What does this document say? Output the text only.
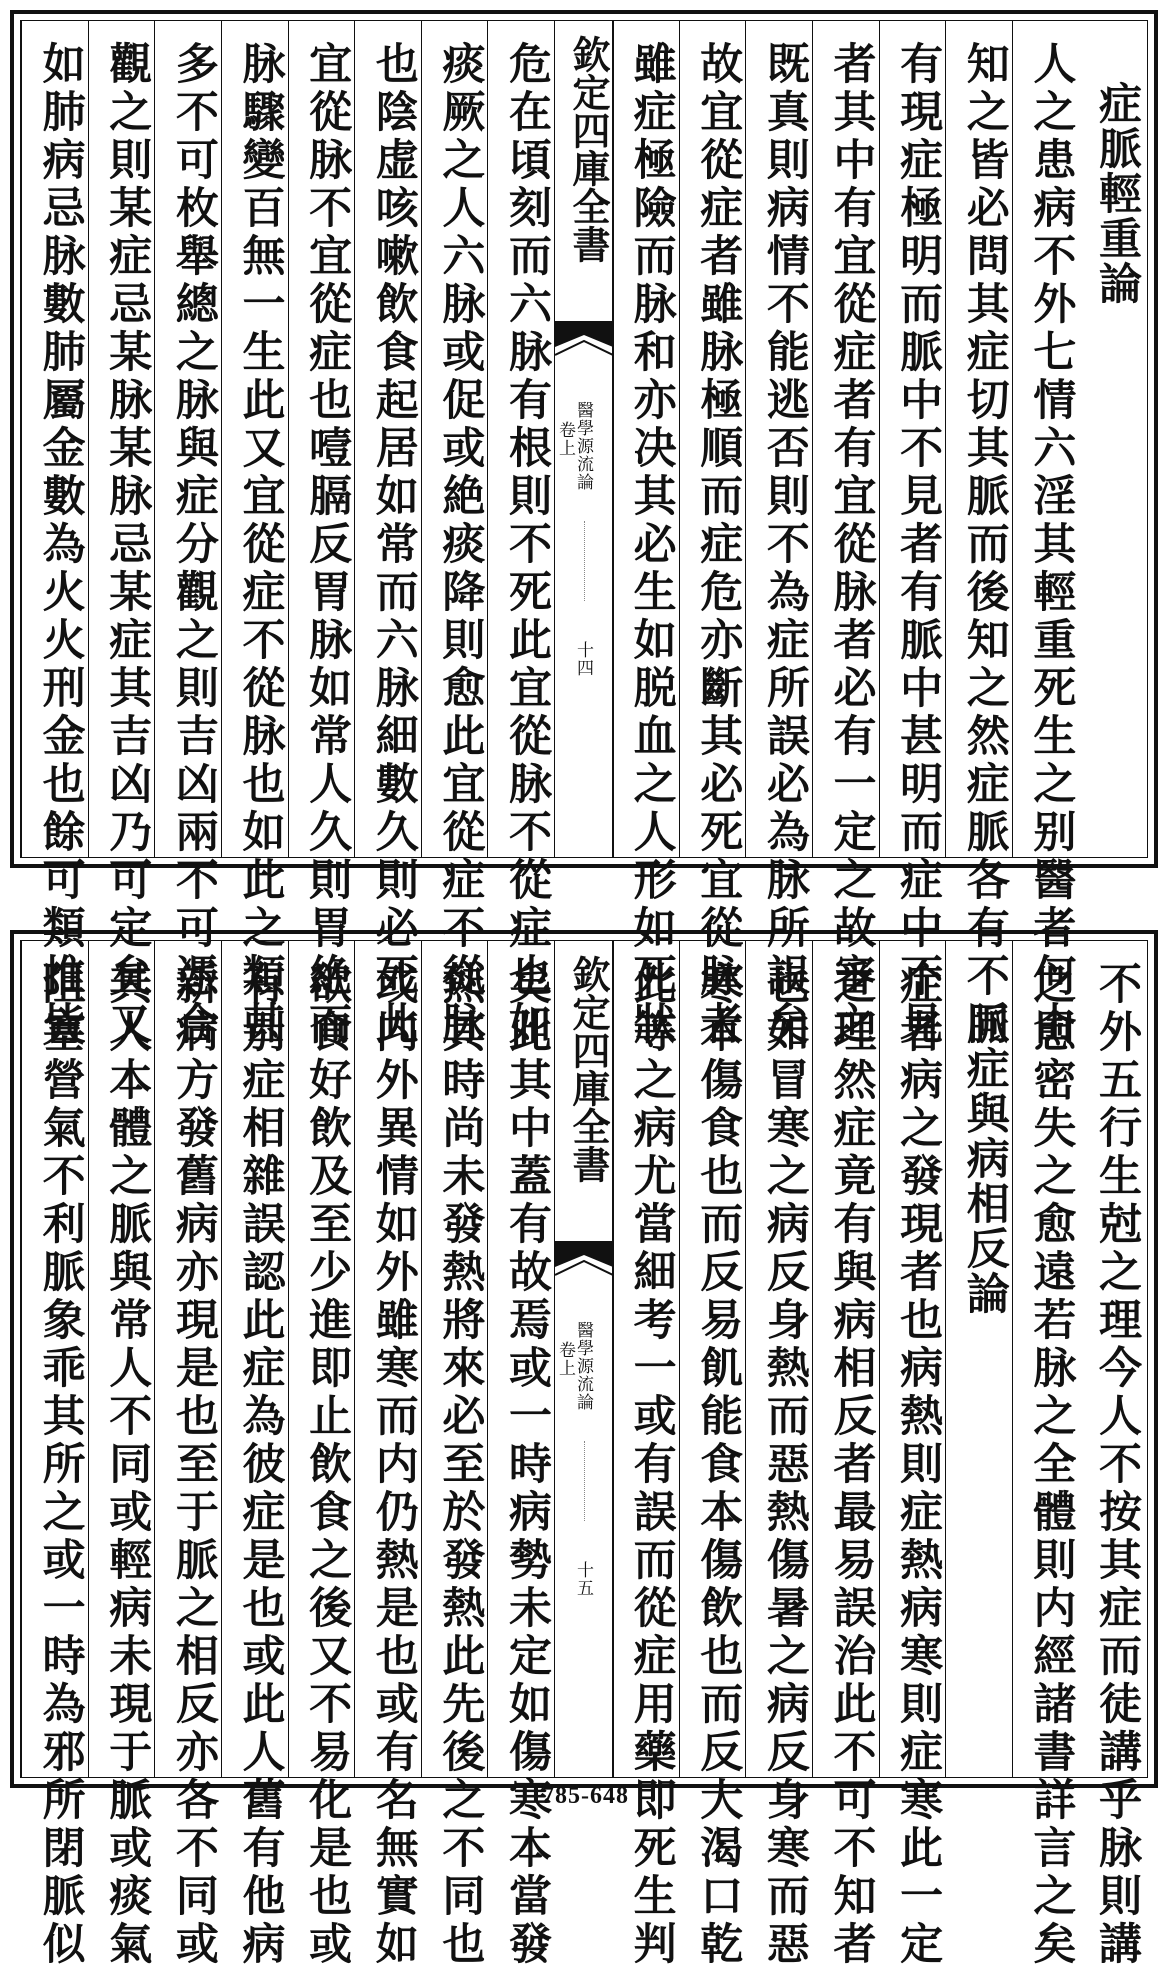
症脈輕重論
人之患病不外七情六淫其輕重死生之别醫者何由
知之皆必問其症切其脈而後知之然症脈各有不同
有現症極明而脈中不見者有脈中甚明而症中不見
者其中有宜從症者有宜從脉者必有一定之故審之
既真則病情不能逃否則不為症所誤必為脉所誤矣
故宜從症者雖脉極順而症危亦斷其必死宜從脉者
雖症極險而脉和亦决其必生如脱血之人形如死狀
欽定四庫全書
醫學源流論
卷上
十四
危在頃刻而六脉有根則不死此宜從脉不從症也如
痰厥之人六脉或促或絶痰降則愈此宜從症不從脉
也陰虚咳嗽飲食起居如常而六脉細數久則必死此
宜從脉不宜從症也噎膈反胃脉如常人久則胃絶而
脉驟變百無一生此又宜從症不從脉也如此之類甚
多不可枚舉總之脉與症分觀之則吉凶兩不可憑合
觀之則某症忌某脉某脉忌某症其吉凶乃可定矣又
如肺病忌脉數肺屬金數為火火刑金也餘可類推皆
不外五行生尅之理今人不按其症而徒講乎脉則講
之愈密失之愈遠若脉之全體則内經諸書詳言之矣
脈症與病相反論
症者病之發現者也病熱則症熱病寒則症寒此一定
之理然症竟有與病相反者最易誤治此不可不知者
也如冒寒之病反身熱而惡熱傷暑之病反身寒而惡
寒本傷食也而反易飢能食本傷飲也而反大渴口乾
此等之病尤當細考一或有誤而從症用藥即死生判
欽定四庫全書
醫學源流論
卷上
十五
矣此其中蓋有故焉或一時病勢未定如傷寒本當發
熱其時尚未發熱將來必至於發熱此先後之不同也
或内外異情如外雖寒而内仍熱是也或有名無實如
欲食好飲及至少進即止飲食之後又不易化是也或
有别症相雜誤認此症為彼症是也或此人舊有他病
新病方發舊病亦現是也至于脈之相反亦各不同或
其人本體之脈與常人不同或輕病未現于脈或痰氣
阻塞營氣不利脈象乖其所之或一時為邪所閉脈似	785-648
